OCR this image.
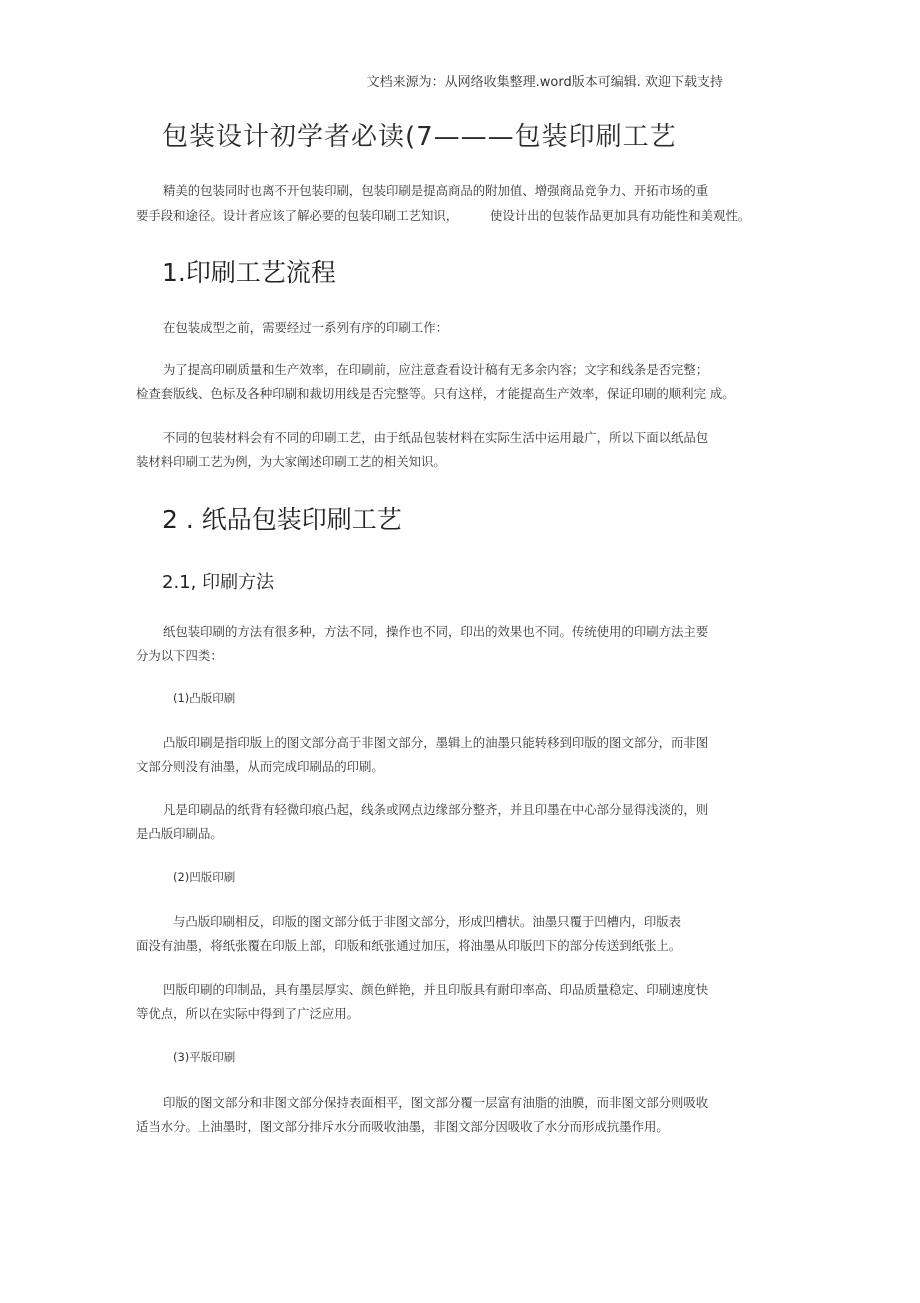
文档来源为：从网络收集整理.word版本可编辑. 欢迎下载支持
包装设计初学者必读(7———包装印刷工艺
精美的包装同时也离不开包装印刷，包装印刷是提高商品的附加值、增强商品竞争力、开拓市场的重
要手段和途径。设计者应该了解必要的包装印刷工艺知识，	使设计出的包装作品更加具有功能性和美观性。
1.印刷工艺流程
在包装成型之前，需要经过一系列有序的印刷工作：
为了提高印刷质量和生产效率，在印刷前，应注意查看设计稿有无多余内容；文字和线条是否完整；
检查套版线、色标及各种印刷和裁切用线是否完整等。只有这样，才能提高生产效率，保证印刷的顺利完 成。
不同的包装材料会有不同的印刷工艺，由于纸品包装材料在实际生活中运用最广，所以下面以纸品包
装材料印刷工艺为例，为大家阐述印刷工艺的相关知识。
2 . 纸品包装印刷工艺
2.1, 印刷方法
纸包装印刷的方法有很多种，方法不同，操作也不同，印出的效果也不同。传统使用的印刷方法主要
分为以下四类：
(1)凸版印刷
凸版印刷是指印版上的图文部分高于非图文部分，墨辑上的油墨只能转移到印版的图文部分，而非图
文部分则没有油墨，从而完成印刷品的印刷。
凡是印刷品的纸背有轻微印痕凸起，线条或网点边缘部分整齐，并且印墨在中心部分显得浅淡的，则
是凸版印刷品。
(2)凹版印刷
与凸版印刷相反，印版的图文部分低于非图文部分，形成凹槽状。油墨只覆于凹槽内，印版表
面没有油墨，将纸张覆在印版上部，印版和纸张通过加压，将油墨从印版凹下的部分传送到纸张上。
凹版印刷的印制品，具有墨层厚实、颜色鲜艳，并且印版具有耐印率高、印品质量稳定、印刷速度快
等优点，所以在实际中得到了广泛应用。
(3)平版印刷
印版的图文部分和非图文部分保持表面相平，图文部分覆一层富有油脂的油膜，而非图文部分则吸收
适当水分。上油墨时，图文部分排斥水分而吸收油墨，非图文部分因吸收了水分而形成抗墨作用。
